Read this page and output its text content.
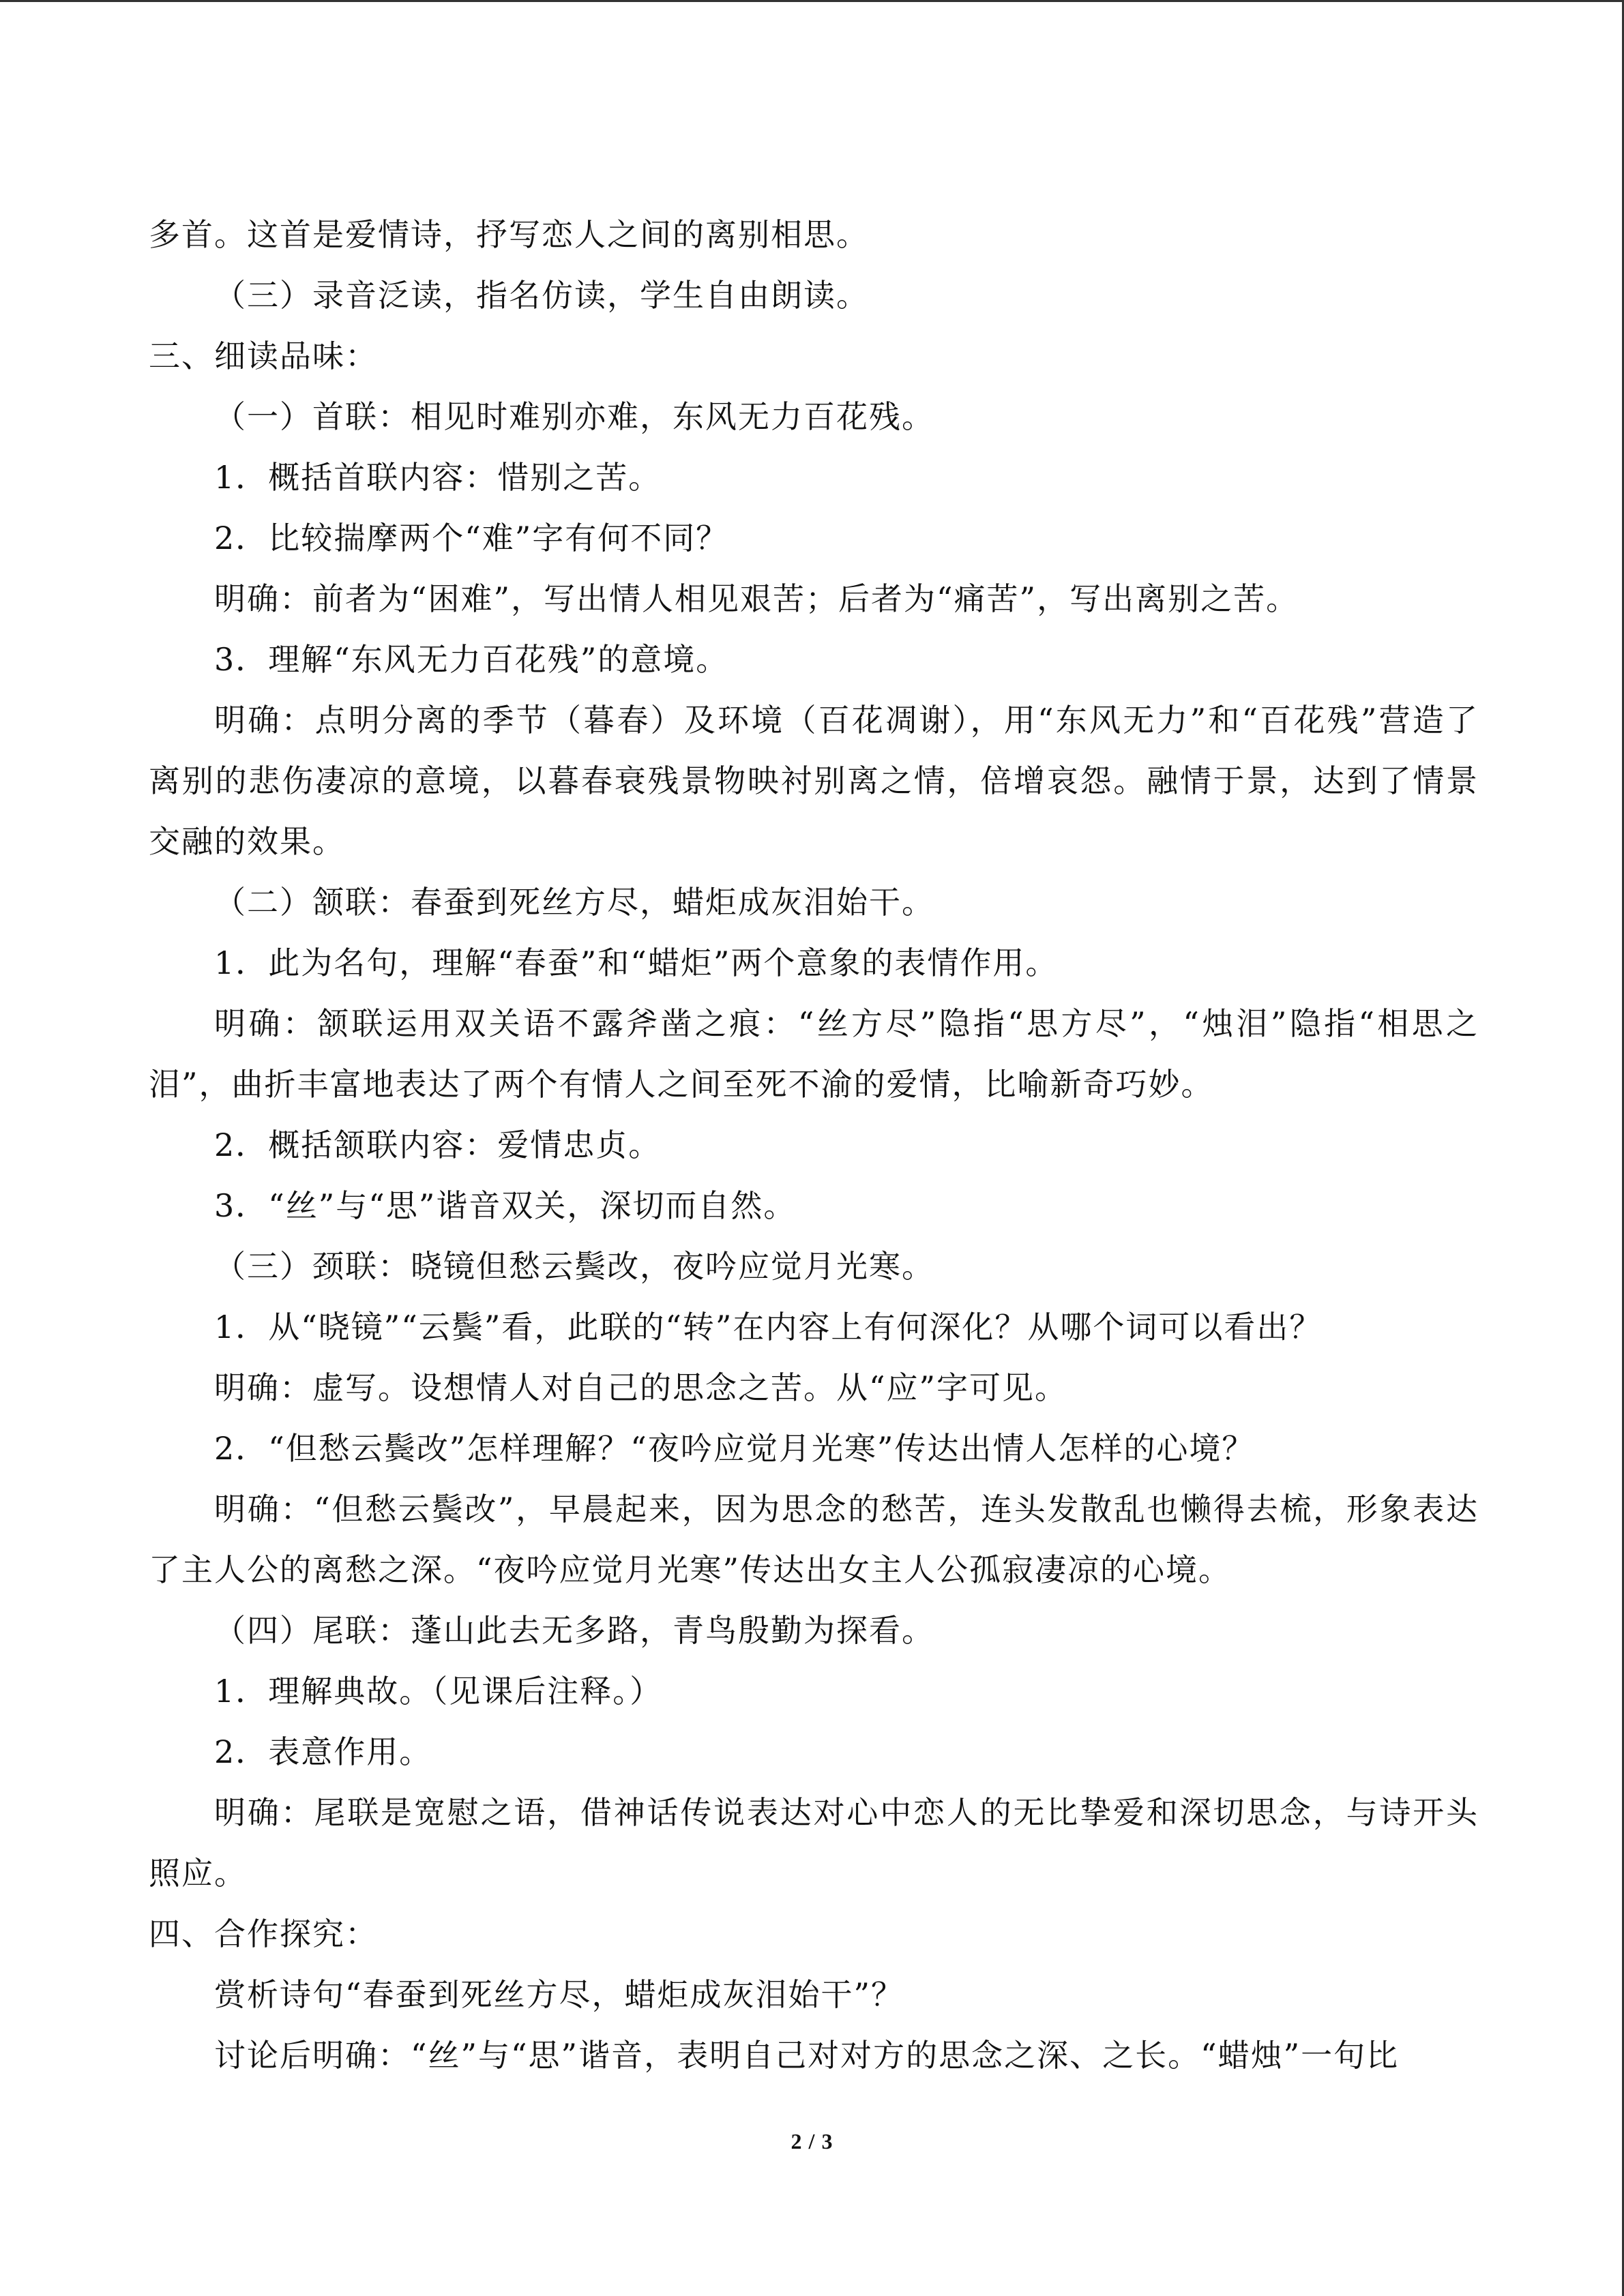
多首。这首是爱情诗，抒写恋人之间的离别相思。

（三）录音泛读，指名仿读，学生自由朗读。

三、细读品味：

（一）首联：相见时难别亦难，东风无力百花残。

1．概括首联内容：惜别之苦。

2．比较揣摩两个“难”字有何不同？

明确：前者为“困难”，写出情人相见艰苦；后者为“痛苦”，写出离别之苦。

3．理解“东风无力百花残”的意境。

明确：点明分离的季节（暮春）及环境（百花凋谢），用“东风无力”和“百花残”营造了离别的悲伤凄凉的意境，以暮春衰残景物映衬别离之情，倍增哀怨。融情于景，达到了情景交融的效果。

（二）颔联：春蚕到死丝方尽，蜡炬成灰泪始干。

1．此为名句，理解“春蚕”和“蜡炬”两个意象的表情作用。

明确：颔联运用双关语不露斧凿之痕：“丝方尽”隐指“思方尽”，“烛泪”隐指“相思之泪”，曲折丰富地表达了两个有情人之间至死不渝的爱情，比喻新奇巧妙。

2．概括颔联内容：爱情忠贞。

3．“丝”与“思”谐音双关，深切而自然。

（三）颈联：晓镜但愁云鬓改，夜吟应觉月光寒。

1．从“晓镜”“云鬓”看，此联的“转”在内容上有何深化？从哪个词可以看出？

明确：虚写。设想情人对自己的思念之苦。从“应”字可见。

2．“但愁云鬓改”怎样理解？“夜吟应觉月光寒”传达出情人怎样的心境？

明确：“但愁云鬓改”，早晨起来，因为思念的愁苦，连头发散乱也懒得去梳，形象表达了主人公的离愁之深。“夜吟应觉月光寒”传达出女主人公孤寂凄凉的心境。

（四）尾联：蓬山此去无多路，青鸟殷勤为探看。

1．理解典故。（见课后注释。）

2．表意作用。

明确：尾联是宽慰之语，借神话传说表达对心中恋人的无比挚爱和深切思念，与诗开头照应。

四、合作探究：

赏析诗句“春蚕到死丝方尽，蜡炬成灰泪始干”？

讨论后明确：“丝”与“思”谐音，表明自己对对方的思念之深、之长。“蜡烛”一句比

2 / 3
